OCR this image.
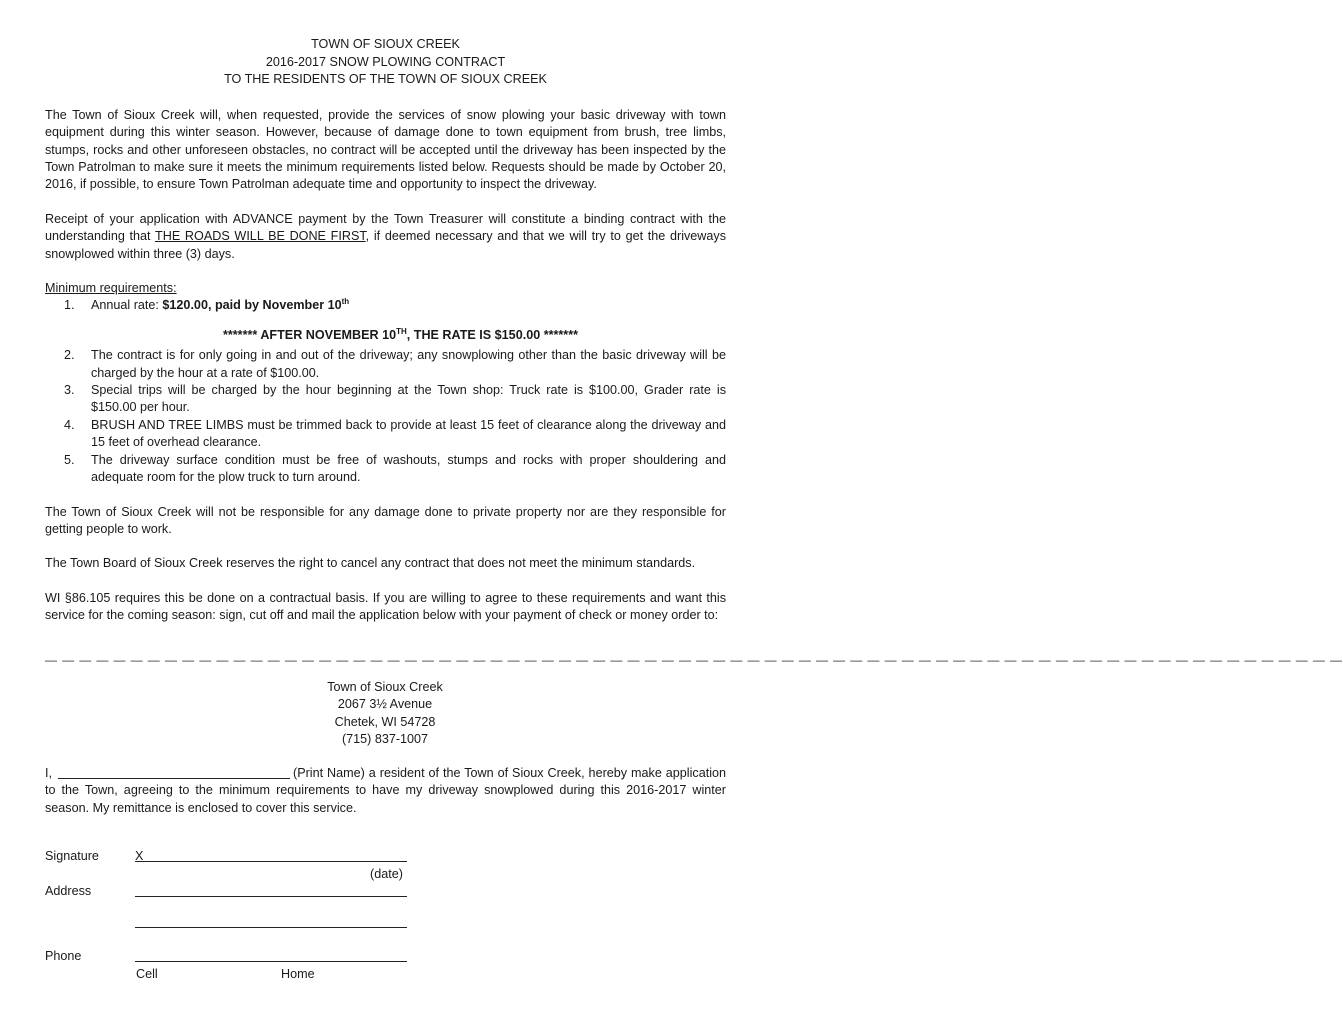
TOWN OF SIOUX CREEK
2016-2017 SNOW PLOWING CONTRACT
TO THE RESIDENTS OF THE TOWN OF SIOUX CREEK

The Town of Sioux Creek will, when requested, provide the services of snow plowing your basic driveway with town equipment during this winter season. However, because of damage done to town equipment from brush, tree limbs, stumps, rocks and other unforeseen obstacles, no contract will be accepted until the driveway has been inspected by the Town Patrolman to make sure it meets the minimum requirements listed below. Requests should be made by October 20, 2016, if possible, to ensure Town Patrolman adequate time and opportunity to inspect the driveway.

Receipt of your application with ADVANCE payment by the Town Treasurer will constitute a binding contract with the understanding that THE ROADS WILL BE DONE FIRST, if deemed necessary and that we will try to get the driveways snowplowed within three (3) days.

Minimum requirements:
1.	Annual rate: $120.00, paid by November 10th
******* AFTER NOVEMBER 10TH, THE RATE IS $150.00 *******
2.	The contract is for only going in and out of the driveway; any snowplowing other than the basic driveway will be charged by the hour at a rate of $100.00.
3.	Special trips will be charged by the hour beginning at the Town shop: Truck rate is $100.00, Grader rate is $150.00 per hour.
4.	BRUSH AND TREE LIMBS must be trimmed back to provide at least 15 feet of clearance along the driveway and 15 feet of overhead clearance.
5.	The driveway surface condition must be free of washouts, stumps and rocks with proper shouldering and adequate room for the plow truck to turn around.

The Town of Sioux Creek will not be responsible for any damage done to private property nor are they responsible for getting people to work.

The Town Board of Sioux Creek reserves the right to cancel any contract that does not meet the minimum standards.

WI §86.105 requires this be done on a contractual basis. If you are willing to agree to these requirements and want this service for the coming season: sign, cut off and mail the application below with your payment of check or money order to:

— — — — — — — — — — — — — — — — — — — — — — — — — — — — — — — — — — — — — — — — — — — — — — — — — — — — — — — — — — — — — — — — — — — — — — — — — — — —
Town of Sioux Creek
2067 3½ Avenue
Chetek, WI 54728
(715) 837-1007

I,	(Print Name) a resident of the Town of Sioux Creek, hereby make application to the Town, agreeing to the minimum requirements to have my driveway snowplowed during this 2016-2017 winter season. My remittance is enclosed to cover this service.

Signature	X
(date)
Address
Phone
Cell	Home
